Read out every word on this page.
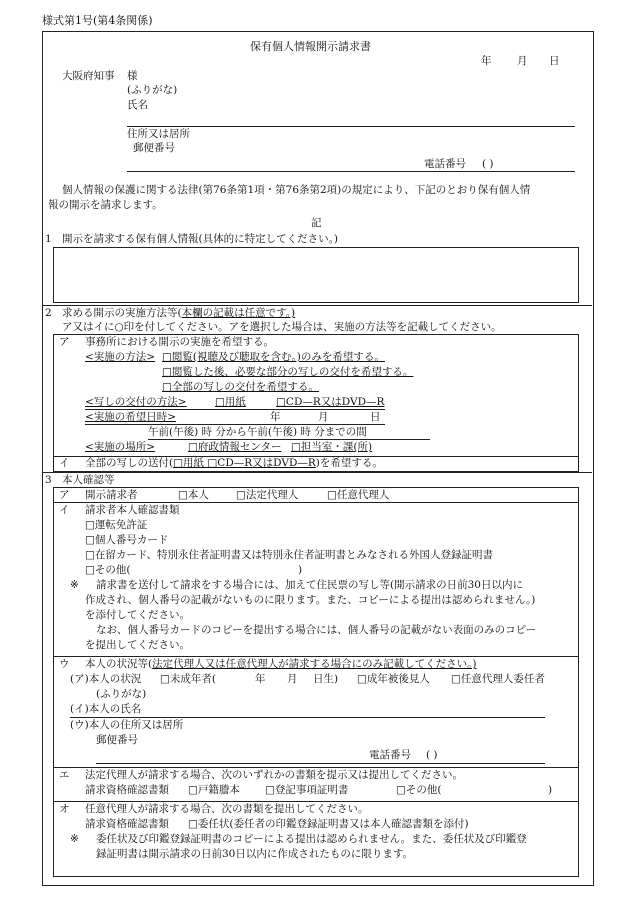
様式第1号(第4条関係)
保有個人情報開示請求書
年 月 日
大阪府知事 様
(ふりがな)
氏名
住所又は居所
郵便番号
電話番号 ( )
個人情報の保護に関する法律(第76条第1項・第76条第2項)の規定により、下記のとおり保有個人情
報の開示を請求します。
記
1 開示を請求する保有個人情報(具体的に特定してください。)
2 求める開示の実施方法等(本欄の記載は任意です。)
ア又はイに○印を付してください。アを選択した場合は、実施の方法等を記載してください。
ア 事務所における開示の実施を希望する。
<実施の方法> □閲覧(視聴及び聴取を含む。)のみを希望する。
□閲覧した後、必要な部分の写しの交付を希望する。
□全部の写しの交付を希望する。
<写しの交付の方法>	□用紙	□CD—R又はDVD—R
<実施の希望日時>	年	月	日
午前(午後) 時 分から午前(午後) 時 分までの間
<実施の場所>	□府政情報センター □担当室・課(所)
イ 全部の写しの送付(□用紙 □CD—R又はDVD—R)を希望する。
3 本人確認等
ア 開示請求者	□本人	□法定代理人	□任意代理人
イ 請求者本人確認書類
□運転免許証
□個人番号カード
□在留カード、特別永住者証明書又は特別永住者証明書とみなされる外国人登録証明書
□その他(	)
※ 請求書を送付して請求をする場合には、加えて住民票の写し等(開示請求の日前30日以内に
作成され、個人番号の記載がないものに限ります。また、コピーによる提出は認められません。)
を添付してください。
なお、個人番号カードのコピーを提出する場合には、個人番号の記載がない表面のみのコピー
を提出してください。
ウ 本人の状況等(法定代理人又は任意代理人が請求する場合にのみ記載してください。)
(ア)本人の状況 □未成年者(	年 月 日生) □成年被後見人 □任意代理人委任者
(ふりがな)
(イ)本人の氏名
(ウ)本人の住所又は居所
郵便番号
電話番号 ( )
エ 法定代理人が請求する場合、次のいずれかの書類を提示又は提出してください。
請求資格確認書類 □戸籍謄本 □登記事項証明書	□その他(	)
オ 任意代理人が請求する場合、次の書類を提出してください。
請求資格確認書類 □委任状(委任者の印鑑登録証明書又は本人確認書類を添付)
※ 委任状及び印鑑登録証明書のコピーによる提出は認められません。また、委任状及び印鑑登
録証明書は開示請求の日前30日以内に作成されたものに限ります。
